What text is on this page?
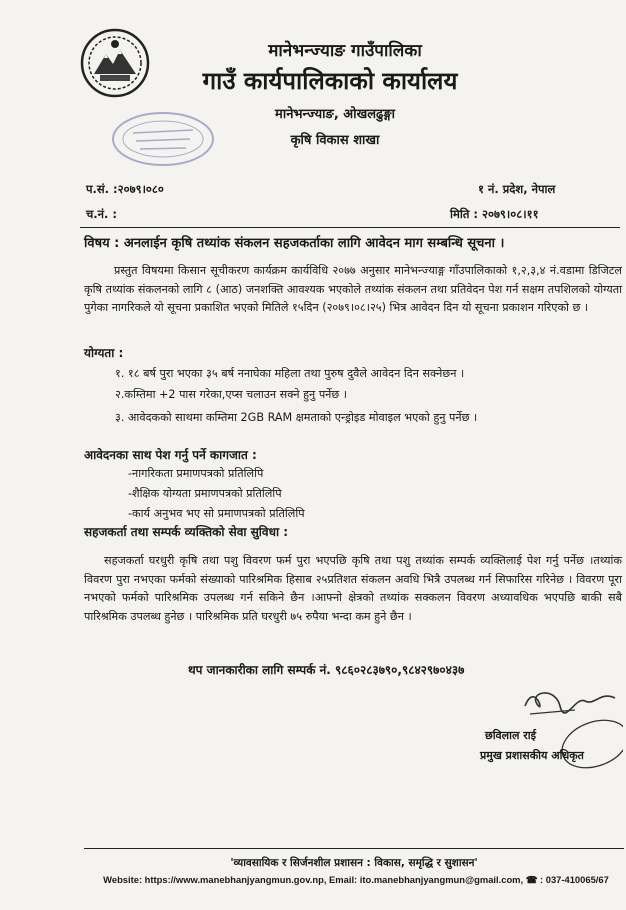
मानेभन्ज्याङ गाउँपालिका
गाउँ कार्यपालिकाको कार्यालय
मानेभन्ज्याङ, ओखलढुङ्गा
कृषि विकास शाखा
प.सं. :२०७९।०८०
च.नं. :
१ नं. प्रदेश, नेपाल
मिति : २०७९।०८।११
विषय : अनलाईन कृषि तथ्यांक संकलन सहजकर्ताका लागि आवेदन माग सम्बन्धि सूचना ।
प्रस्तुत विषयमा किसान सूचीकरण कार्यक्रम कार्यविधि २०७७ अनुसार मानेभन्ज्याङ्ग गाँउपालिकाको १,२,३,४ नं.वडामा डिजिटल कृषि तथ्यांक संकलनको लागि ८ (आठ) जनशक्ति आवश्यक भएकोले तथ्यांक संकलन तथा प्रतिवेदन पेश गर्न सक्षम तपशिलको योग्यता पुगेका नागरिकले यो सूचना प्रकाशित भएको मितिले १५दिन (२०७९।०८।२५) भित्र आवेदन दिन यो सूचना प्रकाशन गरिएको छ ।
योग्यता :
१. १८ बर्ष पुरा भएका ३५ बर्ष ननाघेका महिला तथा पुरुष दुवैले आवेदन दिन सक्नेछन ।
२.कम्तिमा +2 पास गरेका,एप्स चलाउन सक्ने हुनु पर्नेछ ।
३. आवेदकको साथमा कम्तिमा 2GB RAM क्षमताको एन्ड्रोइड मोवाइल भएको हुनु पर्नेछ ।
आवेदनका साथ पेश गर्नु पर्ने कागजात :
-नागरिकता प्रमाणपत्रको प्रतिलिपि
-शैक्षिक योग्यता प्रमाणपत्रको प्रतिलिपि
-कार्य अनुभव भए सो प्रमाणपत्रको प्रतिलिपि
सहजकर्ता तथा सम्पर्क व्यक्तिको सेवा सुविधा :
सहजकर्ता घरधुरी कृषि तथा पशु विवरण फर्म पुरा भएपछि कृषि तथा पशु तथ्यांक सम्पर्क व्यक्तिलाई पेश गर्नु पर्नेछ ।तथ्यांक विवरण पुरा नभएका फर्मको संख्याको पारिश्रमिक हिसाब २५प्रतिशत संकलन अवधि भित्रै उपलब्ध गर्न सिफारिस गरिनेछ । विवरण पूरा नभएको फर्मको पारिश्रमिक उपलब्ध गर्न सकिने छैन ।आफ्नो क्षेत्रको तथ्यांक सक्कलन विवरण अध्यावधिक भएपछि बाकी सबै पारिश्रमिक उपलब्ध हुनेछ । पारिश्रमिक प्रति घरधुरी ७५ रुपैया भन्दा कम हुने छैन ।
थप जानकारीका लागि सम्पर्क नं. ९८६०२८३७९०,९८४२९७०४३७
छविलाल राई
प्रमुख प्रशासकीय अधिकृत
'व्यावसायिक र सिर्जनशील प्रशासन : विकास, समृद्धि र सुशासन'
Website: https://www.manebhanjyangmun.gov.np, Email: ito.manebhanjyangmun@gmail.com, ☎ : 037-410065/67
